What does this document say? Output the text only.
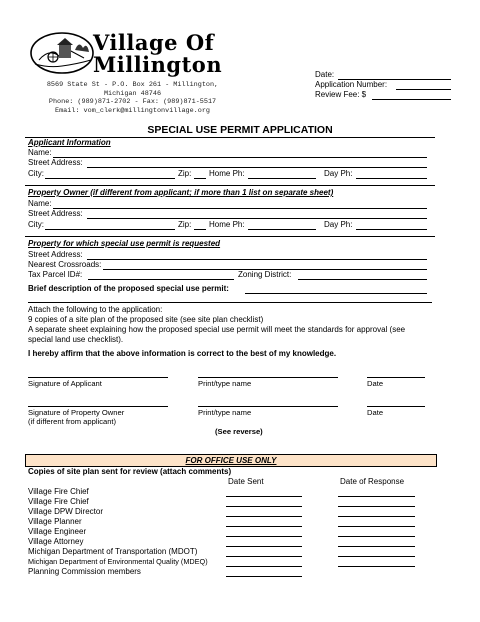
Village Of
Millington
8569 State St - P.O. Box 261 - Millington,
Michigan 48746
Phone: (989)871-2702 - Fax: (989)871-5517
Email: vom_clerk@millingtonvillage.org
Date:
Application Number:
Review Fee: $
SPECIAL USE PERMIT APPLICATION
Applicant Information
Name:
Street Address:
City:	Zip: Home Ph:	Day Ph:
Property Owner (if different from applicant; if more than 1 list on separate sheet)
Name:
Street Address:
City:	Zip: Home Ph:	Day Ph:
Property for which special use permit is requested
Street Address:
Nearest Crossroads:
Tax Parcel ID#:	Zoning District:
Brief description of the proposed special use permit:
Attach the following to the application:
9 copies of a site plan of the proposed site (see site plan checklist)
A separate sheet explaining how the proposed special use permit will meet the standards for approval (see
special land use checklist).
I hereby affirm that the above information is correct to the best of my knowledge.
Signature of Applicant	Print/type name	Date
Signature of Property Owner
(if different from applicant)
Print/type name	Date
(See reverse)
FOR OFFICE USE ONLY
Copies of site plan sent for review (attach comments)
Date Sent	Date of Response
Village Fire Chief
Village Fire Chief
Village DPW Director
Village Planner
Village Engineer
Village Attorney
Michigan Department of Transportation (MDOT)
Michigan Department of Environmental Quality (MDEQ)
Planning Commission members
